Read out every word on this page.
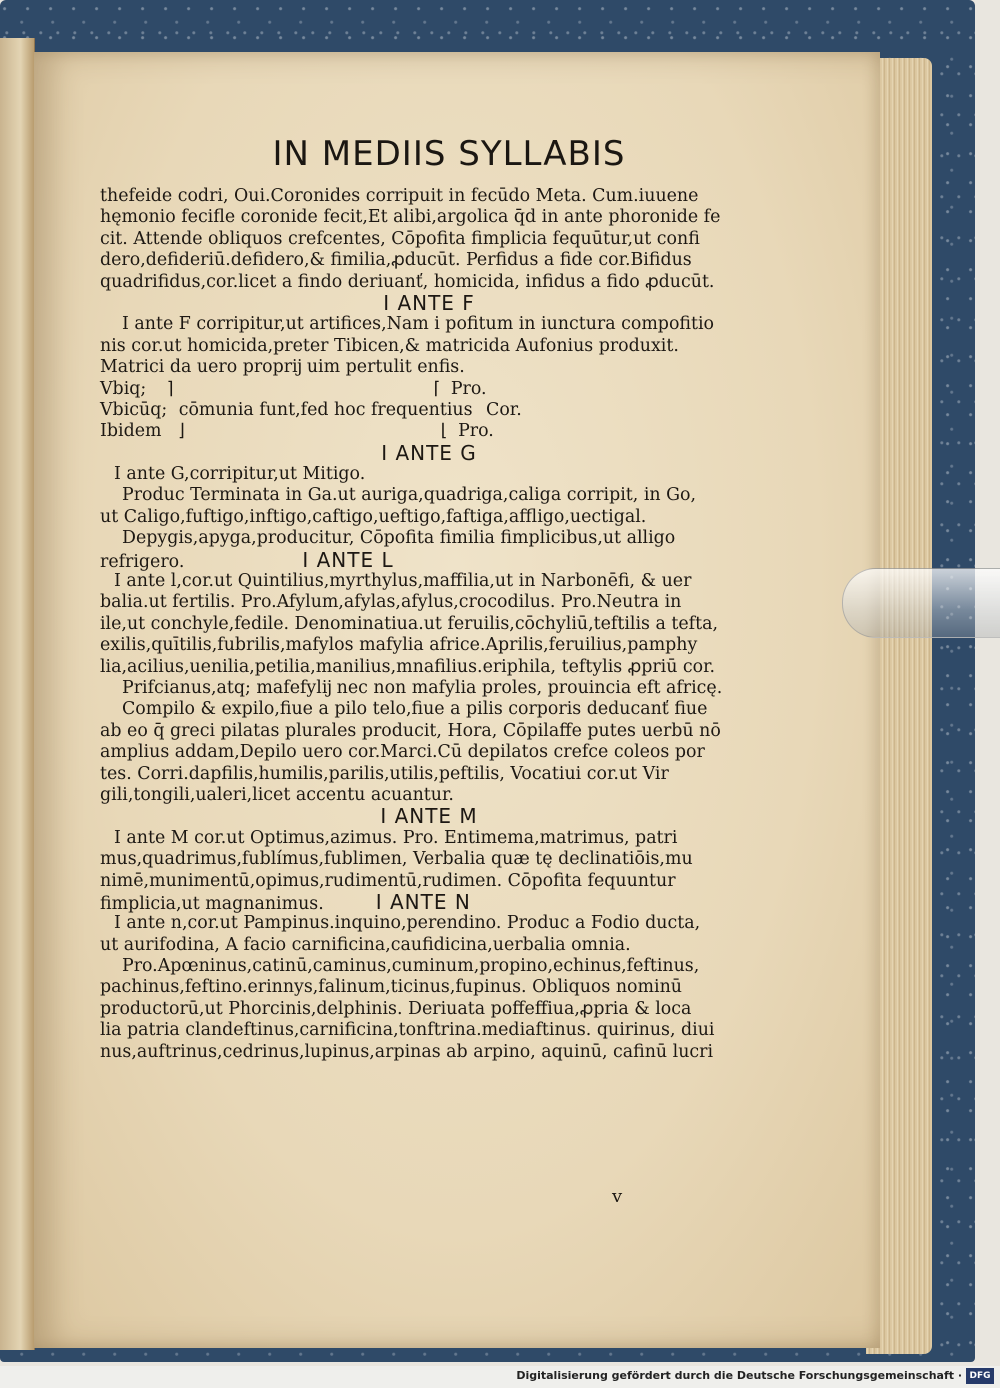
IN MEDIIS SYLLABIS
thefeide codri, Oui.Coronides corripuit in fecūdo Meta. Cum.iuuene
hęmonio fecifle coronide fecit,Et alibi,argolica q̄d in ante phoronide fe
cit. Attende obliquos crefcentes, Cōpofita fimplicia fequūtur,ut confi
dero,defideriū.defidero,& fimilia,ꝓducūt. Perfidus a fide cor.Bifidus
quadrifidus,cor.licet a findo deriuanť, homicida, infidus a fido ꝓducūt.
I ANTE F
I ante F corripitur,ut artifices,Nam i pofitum in iunctura compofitio
nis cor.ut homicida,preter Tibicen,& matricida Aufonius produxit.
Matrici da uero proprĳ uim pertulit enfis.
Vbiq; ⌉	⌈ Pro.
Vbicūq; cōmunia funt,fed hoc frequentius Cor.
Ibidem ⌋	⌊ Pro.
I ANTE G
I ante G,corripitur,ut Mitigo.
Produc Terminata in Ga.ut auriga,quadriga,caliga corripit, in Go,
ut Caligo,fuftigo,inftigo,caftigo,ueftigo,faftiga,affligo,uectigal.
Depygis,apyga,producitur, Cōpofita fimilia fimplicibus,ut alligo
refrigero.	I ANTE L
I ante l,cor.ut Quintilius,myrthylus,maffilia,ut in Narbonēfi, & uer
balia.ut fertilis. Pro.Afylum,afylas,afylus,crocodilus. Pro.Neutra in
ile,ut conchyle,fedile. Denominatiua.ut feruilis,cōchyliū,teftilis a tefta,
exilis,quītilis,fubrilis,mafylos mafylia africe.Aprilis,feruilius,pamphy
lia,acilius,uenilia,petilia,manilius,mnafilius.eriphila, teftylis ꝓpriū cor.
Prifcianus,atq; mafefylĳ nec non mafylia proles, prouincia eft africę.
Compilo & expilo,fiue a pilo telo,fiue a pilis corporis deducanť fiue
ab eo q̄ greci pilatas plurales producit, Hora, Cōpilaffe putes uerbū nō
amplius addam,Depilo uero cor.Marci.Cū depilatos crefce coleos por
tes. Corri.dapfilis,humilis,parilis,utilis,peftilis, Vocatiui cor.ut Vir
gili,tongili,ualeri,licet accentu acuantur.
I ANTE M
I ante M cor.ut Optimus,azimus. Pro. Entimema,matrimus, patri
mus,quadrimus,fublímus,fublimen, Verbalia quæ tę declinatiōis,mu
nimē,munimentū,opimus,rudimentū,rudimen. Cōpofita fequuntur
fimplicia,ut magnanimus.	I ANTE N
I ante n,cor.ut Pampinus.inquino,perendino. Produc a Fodio ducta,
ut aurifodina, A facio carnificina,caufidicina,uerbalia omnia.
Pro.Apœninus,catinū,caminus,cuminum,propino,echinus,feftinus,
pachinus,feftino.erinnys,falinum,ticinus,fupinus. Obliquos nominū
productorū,ut Phorcinis,delphinis. Deriuata poffeffiua,ꝓpria & loca
lia patria clandeftinus,carnificina,tonftrina.mediaftinus. quirinus, diui
nus,auftrinus,cedrinus,lupinus,arpinas ab arpino, aquinū, cafinū lucri
v
Digitalisierung gefördert durch die Deutsche Forschungsgemeinschaft · DFG
